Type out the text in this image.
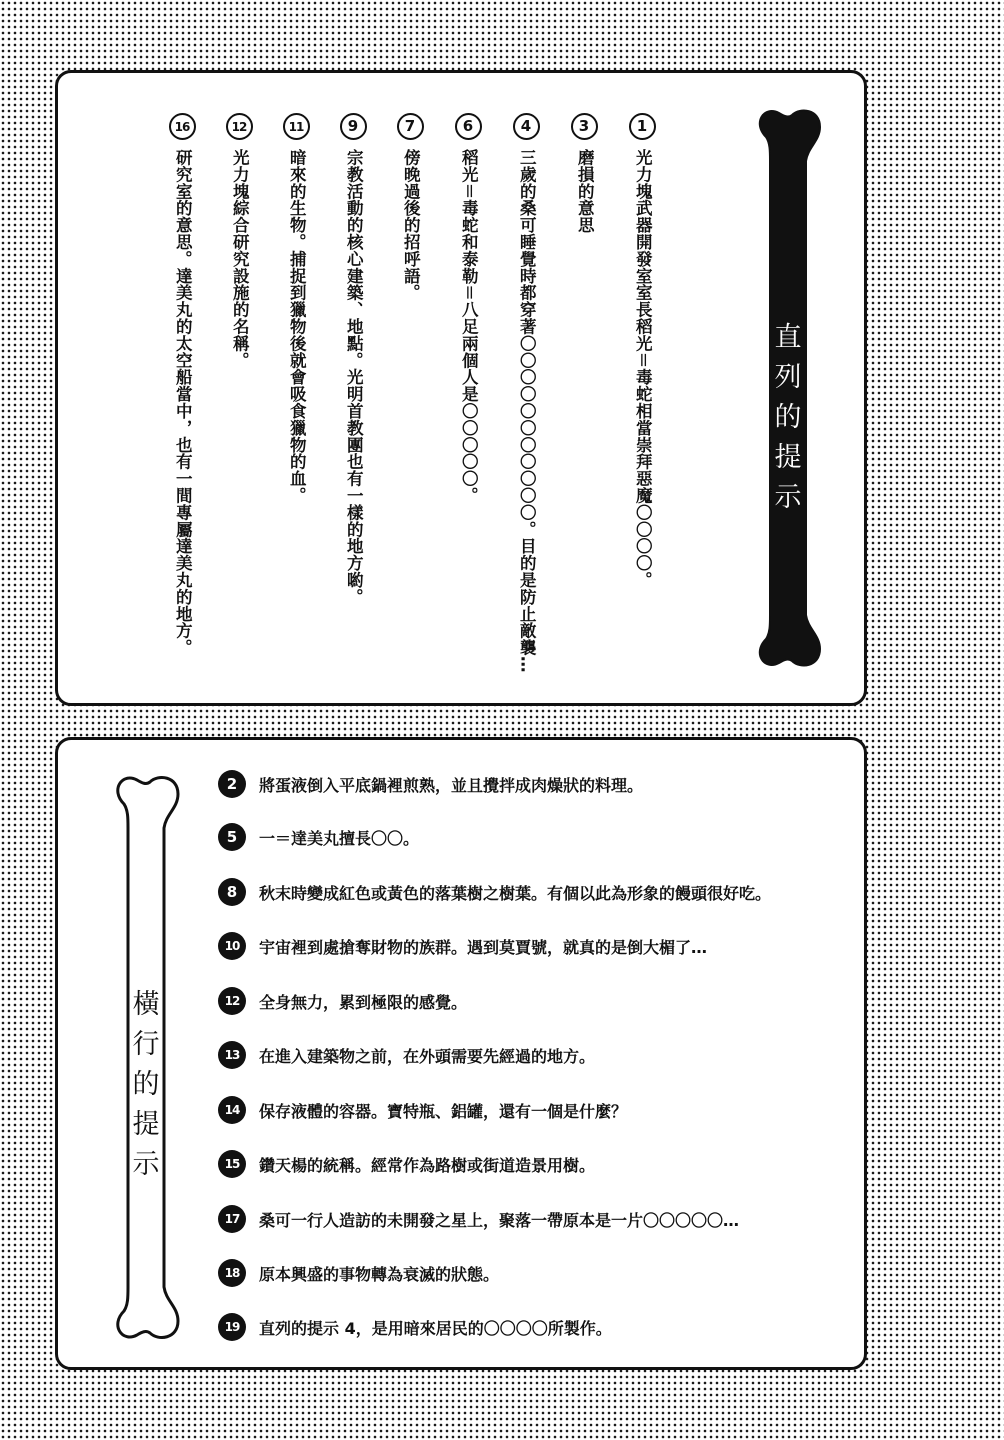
直
列
的
提
示
1
光力塊武器開發室室長稻光＝毒蛇相當崇拜惡魔〇〇〇〇。
3
磨損的意思
4
三歲的桑可睡覺時都穿著〇〇〇〇〇〇〇〇〇〇〇。目的是防止敵襲…
6
稻光＝毒蛇和泰勒＝八足兩個人是〇〇〇〇〇。
7
傍晚過後的招呼語。
9
宗教活動的核心建築、地點。光明首教團也有一樣的地方喲。
11
暗來的生物。捕捉到獵物後就會吸食獵物的血。
12
光力塊綜合研究設施的名稱。
16
研究室的意思。達美丸的太空船當中，也有一間專屬達美丸的地方。
橫
行
的
提
示
2	將蛋液倒入平底鍋裡煎熟，並且攪拌成肉燥狀的料理。
5	一＝達美丸擅長〇〇。
8	秋末時變成紅色或黃色的落葉樹之樹葉。有個以此為形象的饅頭很好吃。
10	宇宙裡到處搶奪財物的族群。遇到莫賈號，就真的是倒大楣了…
12	全身無力，累到極限的感覺。
13	在進入建築物之前，在外頭需要先經過的地方。
14	保存液體的容器。寶特瓶、鋁罐，還有一個是什麼？
15	鑽天楊的統稱。經常作為路樹或街道造景用樹。
17	桑可一行人造訪的未開發之星上，聚落一帶原本是一片〇〇〇〇〇…
18	原本興盛的事物轉為衰滅的狀態。
19	直列的提示 4，是用暗來居民的〇〇〇〇所製作。
